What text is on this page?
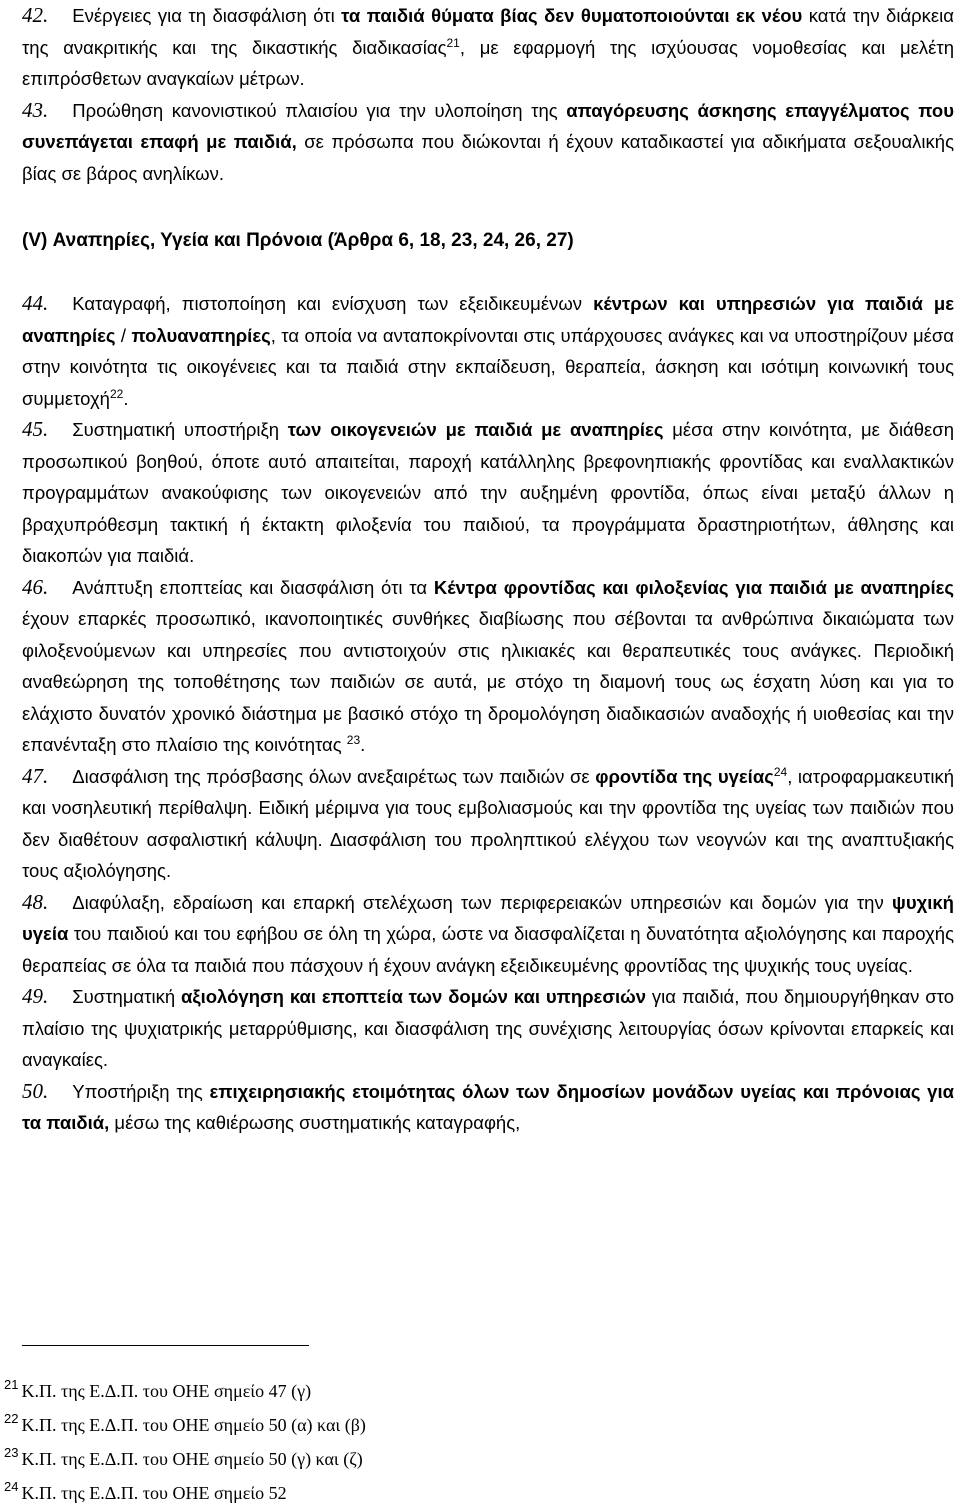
42. Ενέργειες για τη διασφάλιση ότι τα παιδιά θύματα βίας δεν θυματοποιούνται εκ νέου κατά την διάρκεια της ανακριτικής και της δικαστικής διαδικασίας$^{21}$, με εφαρμογή της ισχύουσας νομοθεσίας και μελέτη επιπρόσθετων αναγκαίων μέτρων.

43. Προώθηση κανονιστικού πλαισίου για την υλοποίηση της απαγόρευσης άσκησης επαγγέλματος που συνεπάγεται επαφή με παιδιά, σε πρόσωπα που διώκονται ή έχουν καταδικαστεί για αδικήματα σεξουαλικής βίας σε βάρος ανηλίκων.

(V) Αναπηρίες, Υγεία και Πρόνοια (Άρθρα 6, 18, 23, 24, 26, 27)

44. Καταγραφή, πιστοποίηση και ενίσχυση των εξειδικευμένων κέντρων και υπηρεσιών για παιδιά με αναπηρίες / πολυαναπηρίες, τα οποία να ανταποκρίνονται στις υπάρχουσες ανάγκες και να υποστηρίζουν μέσα στην κοινότητα τις οικογένειες και τα παιδιά στην εκπαίδευση, θεραπεία, άσκηση και ισότιμη κοινωνική τους συμμετοχή$^{22}$.

45. Συστηματική υποστήριξη των οικογενειών με παιδιά με αναπηρίες μέσα στην κοινότητα, με διάθεση προσωπικού βοηθού, όποτε αυτό απαιτείται, παροχή κατάλληλης βρεφονηπιακής φροντίδας και εναλλακτικών προγραμμάτων ανακούφισης των οικογενειών από την αυξημένη φροντίδα, όπως είναι μεταξύ άλλων η βραχυπρόθεσμη τακτική ή έκτακτη φιλοξενία του παιδιού, τα προγράμματα δραστηριοτήτων, άθλησης και διακοπών για παιδιά.

46. Ανάπτυξη εποπτείας και διασφάλιση ότι τα Κέντρα φροντίδας και φιλοξενίας για παιδιά με αναπηρίες έχουν επαρκές προσωπικό, ικανοποιητικές συνθήκες διαβίωσης που σέβονται τα ανθρώπινα δικαιώματα των φιλοξενούμενων και υπηρεσίες που αντιστοιχούν στις ηλικιακές και θεραπευτικές τους ανάγκες. Περιοδική αναθεώρηση της τοποθέτησης των παιδιών σε αυτά, με στόχο τη διαμονή τους ως έσχατη λύση και για το ελάχιστο δυνατόν χρονικό διάστημα με βασικό στόχο τη δρομολόγηση διαδικασιών αναδοχής ή υιοθεσίας και την επανένταξη στο πλαίσιο της κοινότητας $^{23}$.

47. Διασφάλιση της πρόσβασης όλων ανεξαιρέτως των παιδιών σε φροντίδα της υγείας$^{24}$, ιατροφαρμακευτική και νοσηλευτική περίθαλψη. Ειδική μέριμνα για τους εμβολιασμούς και την φροντίδα της υγείας των παιδιών που δεν διαθέτουν ασφαλιστική κάλυψη. Διασφάλιση του προληπτικού ελέγχου των νεογνών και της αναπτυξιακής τους αξιολόγησης.

48. Διαφύλαξη, εδραίωση και επαρκή στελέχωση των περιφερειακών υπηρεσιών και δομών για την ψυχική υγεία του παιδιού και του εφήβου σε όλη τη χώρα, ώστε να διασφαλίζεται η δυνατότητα αξιολόγησης και παροχής θεραπείας σε όλα τα παιδιά που πάσχουν ή έχουν ανάγκη εξειδικευμένης φροντίδας της ψυχικής τους υγείας.

49. Συστηματική αξιολόγηση και εποπτεία των δομών και υπηρεσιών για παιδιά, που δημιουργήθηκαν στο πλαίσιο της ψυχιατρικής μεταρρύθμισης, και διασφάλιση της συνέχισης λειτουργίας όσων κρίνονται επαρκείς και αναγκαίες.

50. Υποστήριξη της επιχειρησιακής ετοιμότητας όλων των δημοσίων μονάδων υγείας και πρόνοιας για τα παιδιά, μέσω της καθιέρωσης συστηματικής καταγραφής,

$^{21}$ Κ.Π. της Ε.Δ.Π. του ΟΗΕ σημείο 47 (γ)
$^{22}$ Κ.Π. της Ε.Δ.Π. του ΟΗΕ σημείο 50 (α) και (β)
$^{23}$ Κ.Π. της Ε.Δ.Π. του ΟΗΕ σημείο 50 (γ) και (ζ)
$^{24}$ Κ.Π. της Ε.Δ.Π. του ΟΗΕ σημείο 52
